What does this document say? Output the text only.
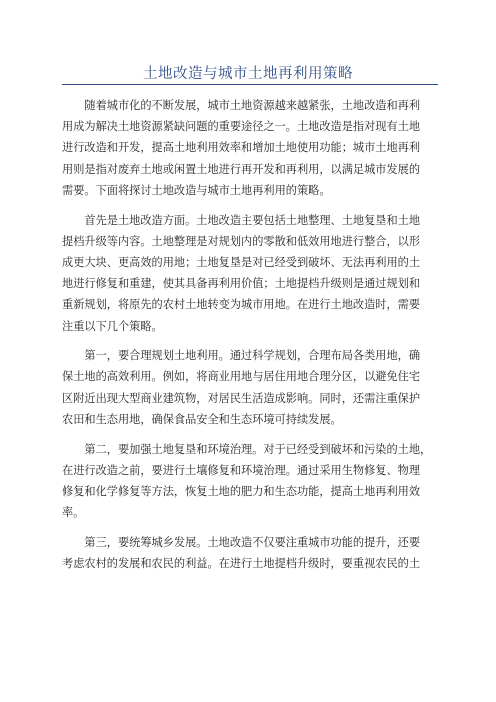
土地改造与城市土地再利用策略

随着城市化的不断发展，城市土地资源越来越紧张，土地改造和再利
用成为解决土地资源紧缺问题的重要途径之一。土地改造是指对现有土地
进行改造和开发，提高土地利用效率和增加土地使用功能；城市土地再利
用则是指对废弃土地或闲置土地进行再开发和再利用，以满足城市发展的
需要。下面将探讨土地改造与城市土地再利用的策略。

首先是土地改造方面。土地改造主要包括土地整理、土地复垦和土地
提档升级等内容。土地整理是对规划内的零散和低效用地进行整合，以形
成更大块、更高效的用地；土地复垦是对已经受到破坏、无法再利用的土
地进行修复和重建，使其具备再利用价值；土地提档升级则是通过规划和
重新规划，将原先的农村土地转变为城市用地。在进行土地改造时，需要
注重以下几个策略。

第一，要合理规划土地利用。通过科学规划，合理布局各类用地，确
保土地的高效利用。例如，将商业用地与居住用地合理分区，以避免住宅
区附近出现大型商业建筑物，对居民生活造成影响。同时，还需注重保护
农田和生态用地，确保食品安全和生态环境可持续发展。

第二，要加强土地复垦和环境治理。对于已经受到破坏和污染的土地，
在进行改造之前，要进行土壤修复和环境治理。通过采用生物修复、物理
修复和化学修复等方法，恢复土地的肥力和生态功能，提高土地再利用效
率。

第三，要统筹城乡发展。土地改造不仅要注重城市功能的提升，还要
考虑农村的发展和农民的利益。在进行土地提档升级时，要重视农民的土
